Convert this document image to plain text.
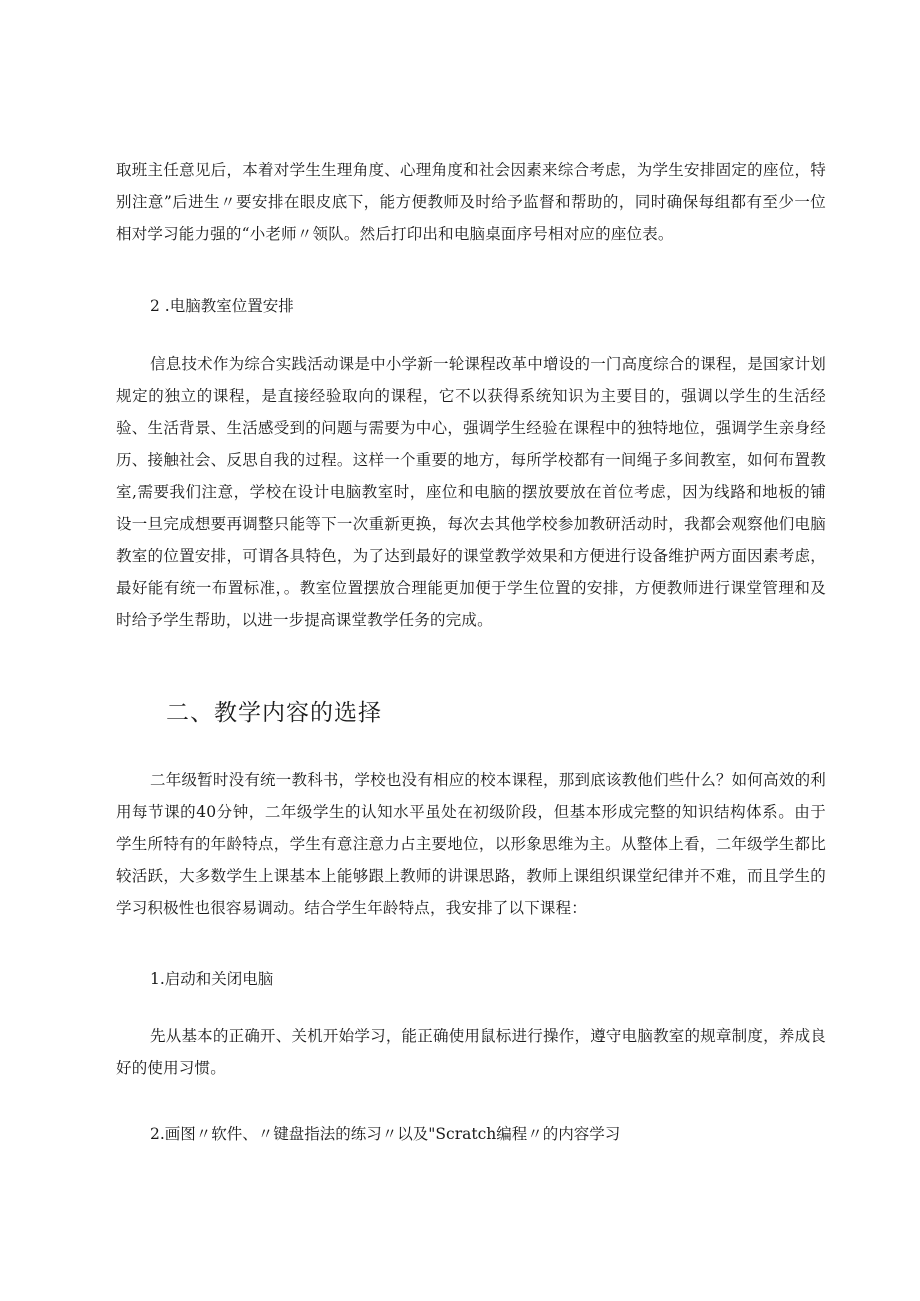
取班主任意见后，本着对学生生理角度、心理角度和社会因素来综合考虑，为学生安排固定的座位，特别注意”后进生〃要安排在眼皮底下，能方便教师及时给予监督和帮助的，同时确保每组都有至少一位相对学习能力强的“小老师〃领队。然后打印出和电脑桌面序号相对应的座位表。

2 .电脑教室位置安排

信息技术作为综合实践活动课是中小学新一轮课程改革中增设的一门高度综合的课程，是国家计划规定的独立的课程，是直接经验取向的课程，它不以获得系统知识为主要目的，强调以学生的生活经验、生活背景、生活感受到的问题与需要为中心，强调学生经验在课程中的独特地位，强调学生亲身经历、接触社会、反思自我的过程。这样一个重要的地方，每所学校都有一间绳子多间教室，如何布置教室,需要我们注意，学校在设计电脑教室时，座位和电脑的摆放要放在首位考虑，因为线路和地板的铺设一旦完成想要再调整只能等下一次重新更换，每次去其他学校参加教研活动时，我都会观察他们电脑教室的位置安排，可谓各具特色，为了达到最好的课堂教学效果和方便进行设备维护两方面因素考虑，最好能有统一布置标准，。教室位置摆放合理能更加便于学生位置的安排，方便教师进行课堂管理和及时给予学生帮助，以进一步提高课堂教学任务的完成。

二、教学内容的选择

二年级暂时没有统一教科书，学校也没有相应的校本课程，那到底该教他们些什么？如何高效的利用每节课的40分钟，二年级学生的认知水平虽处在初级阶段，但基本形成完整的知识结构体系。由于学生所特有的年龄特点，学生有意注意力占主要地位，以形象思维为主。从整体上看，二年级学生都比较活跃，大多数学生上课基本上能够跟上教师的讲课思路，教师上课组织课堂纪律并不难，而且学生的学习积极性也很容易调动。结合学生年龄特点，我安排了以下课程：

1.启动和关闭电脑

先从基本的正确开、关机开始学习，能正确使用鼠标进行操作，遵守电脑教室的规章制度，养成良好的使用习惯。

2.画图〃软件、〃键盘指法的练习〃以及"Scratch编程〃的内容学习
